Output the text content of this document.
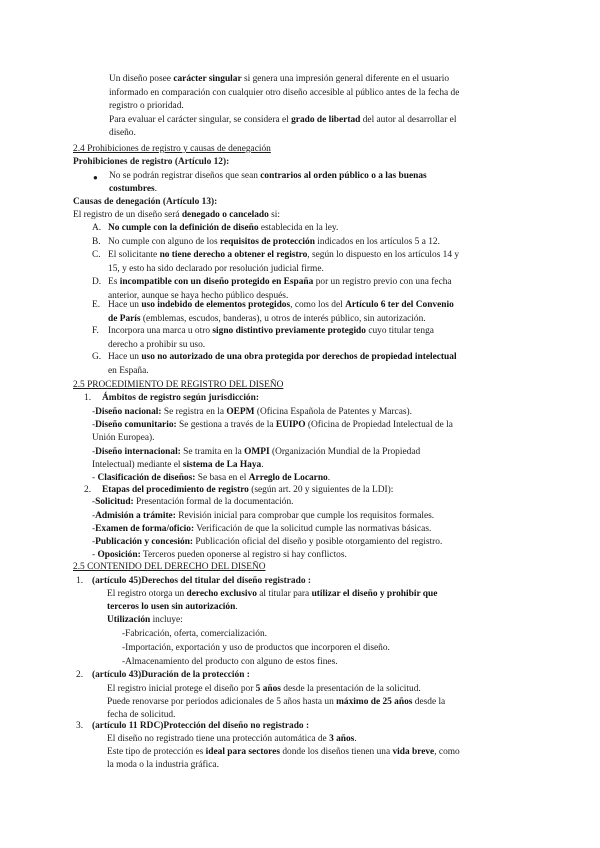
Un diseño posee carácter singular si genera una impresión general diferente en el usuario
informado en comparación con cualquier otro diseño accesible al público antes de la fecha de
registro o prioridad.
Para evaluar el carácter singular, se considera el grado de libertad del autor al desarrollar el
diseño.
2.4 Prohibiciones de registro y causas de denegación
Prohibiciones de registro (Artículo 12):
● No se podrán registrar diseños que sean contrarios al orden público o a las buenas
costumbres.
Causas de denegación (Artículo 13):
El registro de un diseño será denegado o cancelado si:
A. No cumple con la definición de diseño establecida en la ley.
B. No cumple con alguno de los requisitos de protección indicados en los artículos 5 a 12.
C. El solicitante no tiene derecho a obtener el registro, según lo dispuesto en los artículos 14 y
15, y esto ha sido declarado por resolución judicial firme.
D. Es incompatible con un diseño protegido en España por un registro previo con una fecha
anterior, aunque se haya hecho público después.
E. Hace un uso indebido de elementos protegidos, como los del Artículo 6 ter del Convenio
de París (emblemas, escudos, banderas), u otros de interés público, sin autorización.
F. Incorpora una marca u otro signo distintivo previamente protegido cuyo titular tenga
derecho a prohibir su uso.
G. Hace un uso no autorizado de una obra protegida por derechos de propiedad intelectual
en España.
2.5 PROCEDIMIENTO DE REGISTRO DEL DISEÑO
1. Ámbitos de registro según jurisdicción:
-Diseño nacional: Se registra en la OEPM (Oficina Española de Patentes y Marcas).
-Diseño comunitario: Se gestiona a través de la EUIPO (Oficina de Propiedad Intelectual de la
Unión Europea).
-Diseño internacional: Se tramita en la OMPI (Organización Mundial de la Propiedad
Intelectual) mediante el sistema de La Haya.
- Clasificación de diseños: Se basa en el Arreglo de Locarno.
2. Etapas del procedimiento de registro (según art. 20 y siguientes de la LDI):
-Solicitud: Presentación formal de la documentación.
-Admisión a trámite: Revisión inicial para comprobar que cumple los requisitos formales.
-Examen de forma/oficio: Verificación de que la solicitud cumple las normativas básicas.
-Publicación y concesión: Publicación oficial del diseño y posible otorgamiento del registro.
- Oposición: Terceros pueden oponerse al registro si hay conflictos.
2.5 CONTENIDO DEL DERECHO DEL DISEÑO
1. (artículo 45)Derechos del titular del diseño registrado :
El registro otorga un derecho exclusivo al titular para utilizar el diseño y prohibir que
terceros lo usen sin autorización.
Utilización incluye:
-Fabricación, oferta, comercialización.
-Importación, exportación y uso de productos que incorporen el diseño.
-Almacenamiento del producto con alguno de estos fines.
2. (artículo 43)Duración de la protección :
El registro inicial protege el diseño por 5 años desde la presentación de la solicitud.
Puede renovarse por periodos adicionales de 5 años hasta un máximo de 25 años desde la
fecha de solicitud.
3. (artículo 11 RDC)Protección del diseño no registrado :
El diseño no registrado tiene una protección automática de 3 años.
Este tipo de protección es ideal para sectores donde los diseños tienen una vida breve, como
la moda o la industria gráfica.
